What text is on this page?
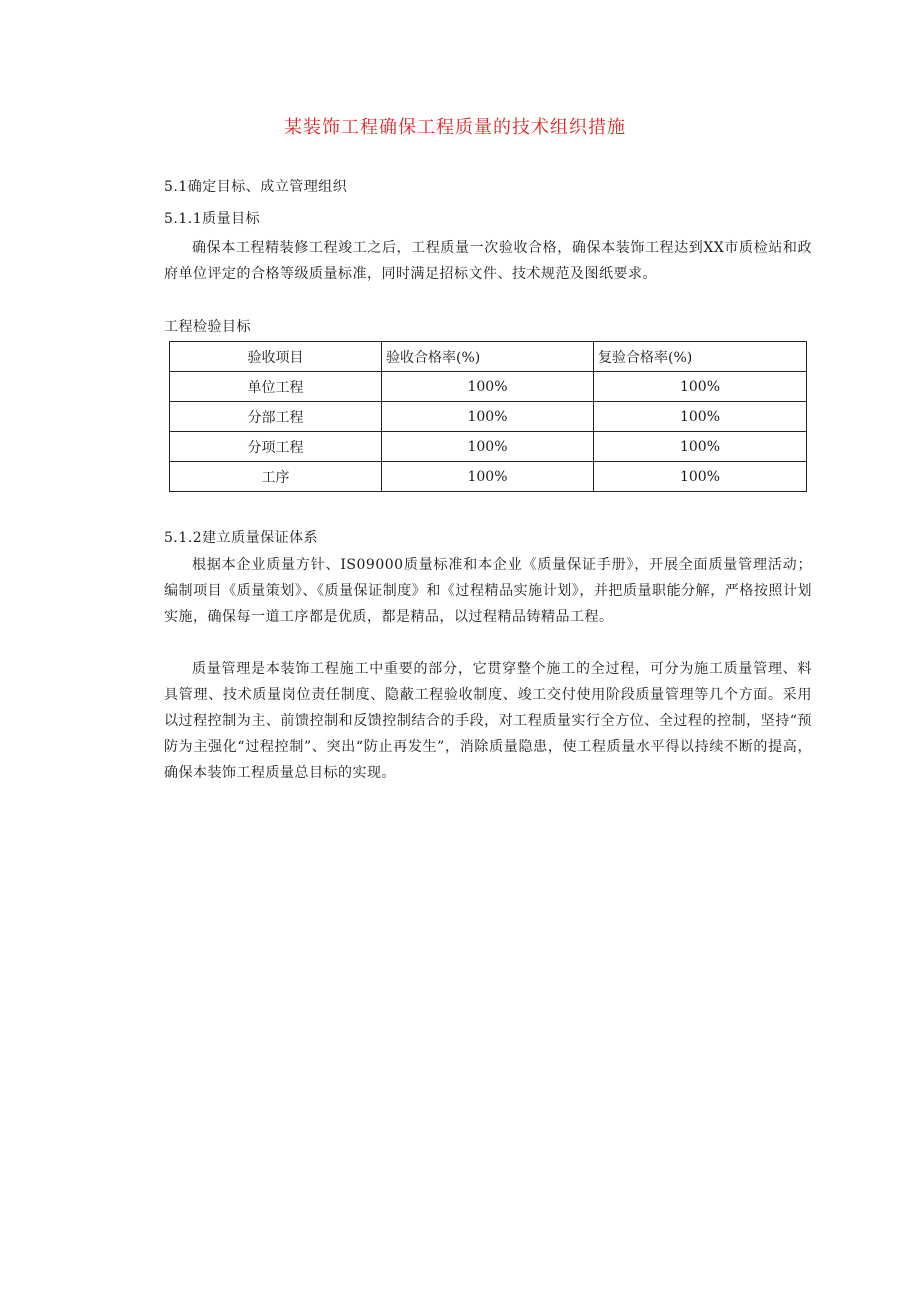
某装饰工程确保工程质量的技术组织措施
5.1确定目标、成立管理组织
5.1.1质量目标
确保本工程精装修工程竣工之后，工程质量一次验收合格，确保本装饰工程达到XX市质检站和政府单位评定的合格等级质量标准，同时满足招标文件、技术规范及图纸要求。
工程检验目标
验收项目	验收合格率(%)	复验合格率(%)
单位工程	100%	100%
分部工程	100%	100%
分项工程	100%	100%
工序	100%	100%
5.1.2建立质量保证体系
根据本企业质量方针、IS09000质量标准和本企业《质量保证手册》，开展全面质量管理活动；编制项目《质量策划》、《质量保证制度》和《过程精品实施计划》，并把质量职能分解，严格按照计划实施，确保每一道工序都是优质，都是精品，以过程精品铸精品工程。
质量管理是本装饰工程施工中重要的部分，它贯穿整个施工的全过程，可分为施工质量管理、料具管理、技术质量岗位责任制度、隐蔽工程验收制度、竣工交付使用阶段质量管理等几个方面。采用以过程控制为主、前馈控制和反馈控制结合的手段，对工程质量实行全方位、全过程的控制，坚持“预防为主强化“过程控制”、突出“防止再发生”，消除质量隐患，使工程质量水平得以持续不断的提高，确保本装饰工程质量总目标的实现。
